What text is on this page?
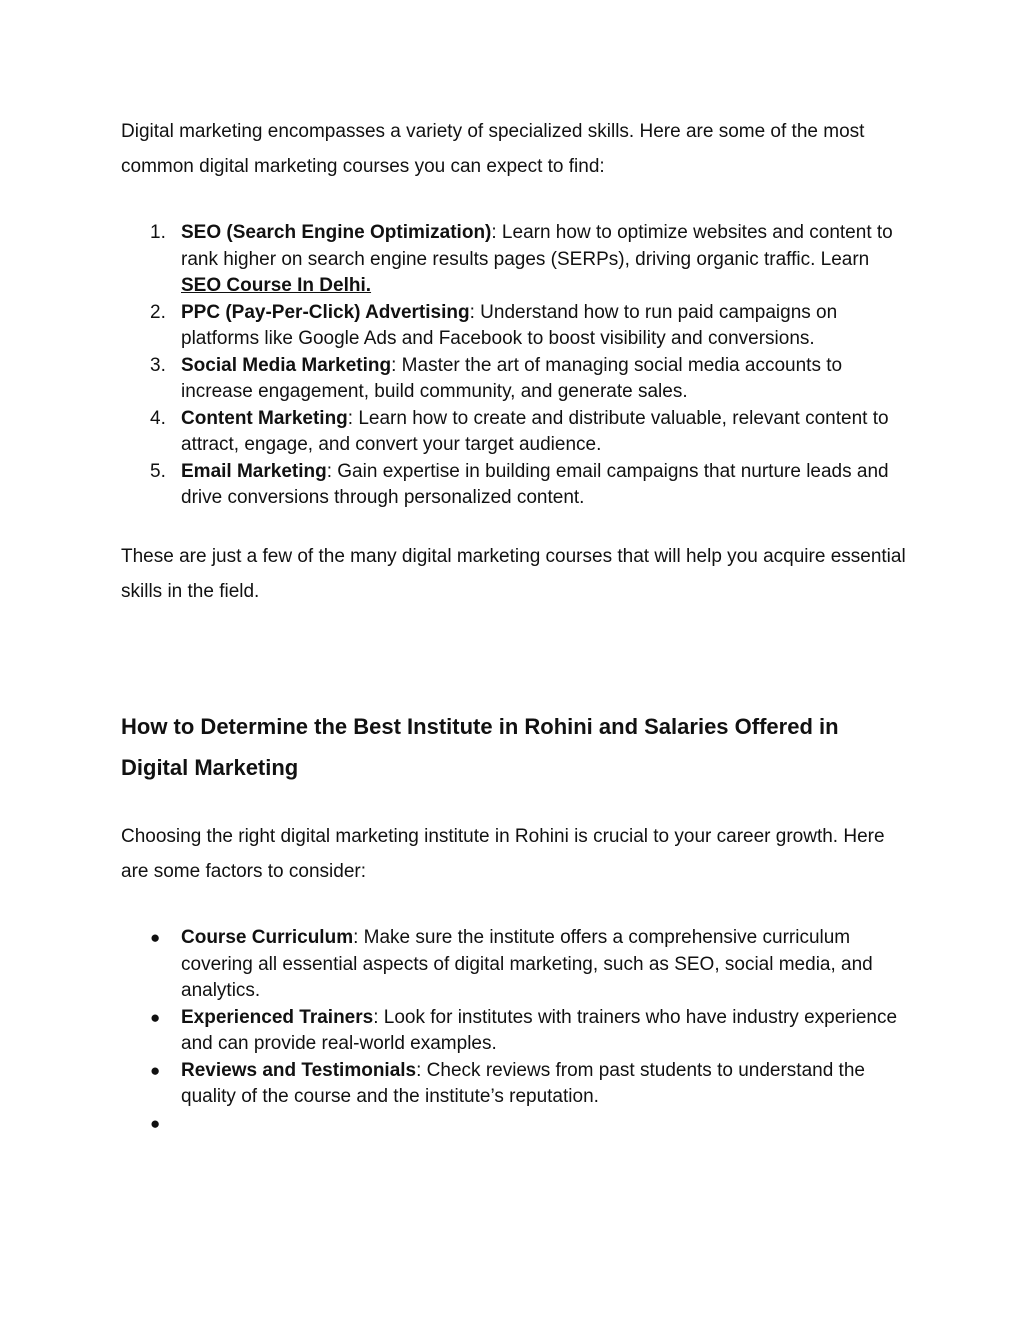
Digital marketing encompasses a variety of specialized skills. Here are some of the most common digital marketing courses you can expect to find:

1. SEO (Search Engine Optimization): Learn how to optimize websites and content to rank higher on search engine results pages (SERPs), driving organic traffic. Learn SEO Course In Delhi.
2. PPC (Pay-Per-Click) Advertising: Understand how to run paid campaigns on platforms like Google Ads and Facebook to boost visibility and conversions.
3. Social Media Marketing: Master the art of managing social media accounts to increase engagement, build community, and generate sales.
4. Content Marketing: Learn how to create and distribute valuable, relevant content to attract, engage, and convert your target audience.
5. Email Marketing: Gain expertise in building email campaigns that nurture leads and drive conversions through personalized content.

These are just a few of the many digital marketing courses that will help you acquire essential skills in the field.

How to Determine the Best Institute in Rohini and Salaries Offered in Digital Marketing

Choosing the right digital marketing institute in Rohini is crucial to your career growth. Here are some factors to consider:

● Course Curriculum: Make sure the institute offers a comprehensive curriculum covering all essential aspects of digital marketing, such as SEO, social media, and analytics.
● Experienced Trainers: Look for institutes with trainers who have industry experience and can provide real-world examples.
● Reviews and Testimonials: Check reviews from past students to understand the quality of the course and the institute’s reputation.
●
